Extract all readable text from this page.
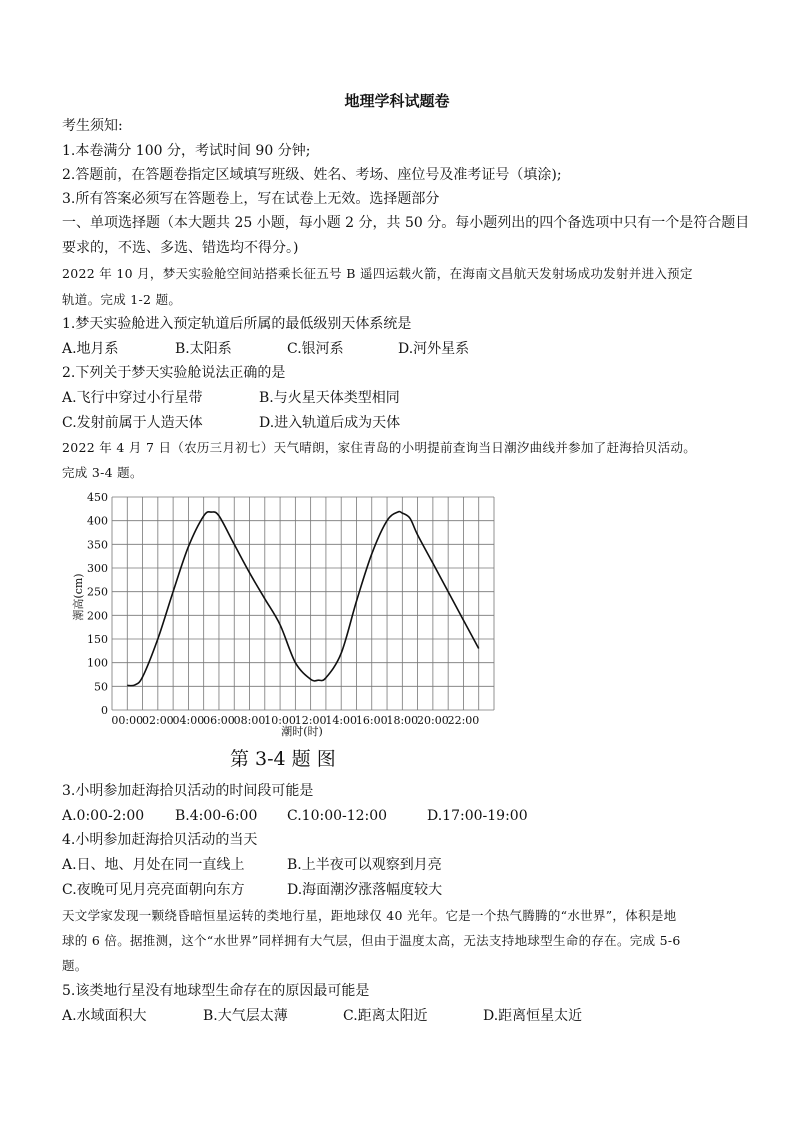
地理学科试题卷
考生须知:
1.本卷满分 100 分，考试时间 90 分钟;
2.答题前，在答题卷指定区域填写班级、姓名、考场、座位号及准考证号（填涂);
3.所有答案必须写在答题卷上，写在试卷上无效。选择题部分
一、单项选择题（本大题共 25 小题，每小题 2 分，共 50 分。每小题列出的四个备选项中只有一个是符合题目
要求的，不选、多选、错选均不得分。)
2022 年 10 月，梦天实验舱空间站搭乘长征五号 B 遥四运载火箭，在海南文昌航天发射场成功发射并进入预定
轨道。完成 1-2 题。
1.梦天实验舱进入预定轨道后所属的最低级别天体系统是
A.地月系	B.太阳系	C.银河系	D.河外星系
2.下列关于梦天实验舱说法正确的是
A.飞行中穿过小行星带	B.与火星天体类型相同
C.发射前属于人造天体	D.进入轨道后成为天体
2022 年 4 月 7 日（农历三月初七）天气晴朗，家住青岛的小明提前查询当日潮汐曲线并参加了赶海拾贝活动。
完成 3-4 题。
0
50
100
150
200
250
300
350
400
450
00:00
02:00
04:00
06:00
08:00
10:00
12:00
14:00
16:00
18:00
20:00
22:00
潮高(cm)
潮时(时)
第 3-4 题 图
3.小明参加赶海拾贝活动的时间段可能是
A.0:00-2:00 B.4:00-6:00 C.10:00-12:00	D.17:00-19:00
4.小明参加赶海拾贝活动的当天
A.日、地、月处在同一直线上	B.上半夜可以观察到月亮
C.夜晚可见月亮亮面朝向东方	D.海面潮汐涨落幅度较大
天文学家发现一颗绕昏暗恒星运转的类地行星，距地球仅 40 光年。它是一个热气腾腾的“水世界”，体积是地
球的 6 倍。据推测，这个“水世界”同样拥有大气层，但由于温度太高，无法支持地球型生命的存在。完成 5-6
题。
5.该类地行星没有地球型生命存在的原因最可能是
A.水域面积大	B.大气层太薄	C.距离太阳近	D.距离恒星太近
